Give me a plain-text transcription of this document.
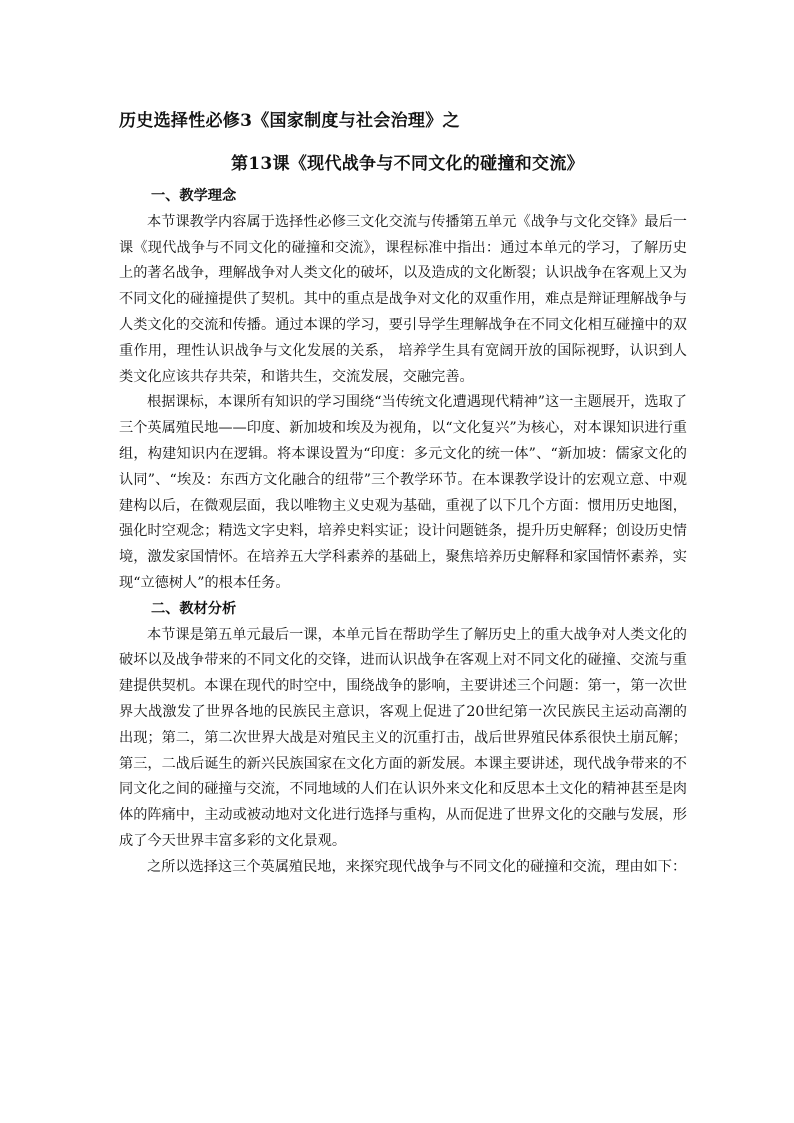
历史选择性必修3《国家制度与社会治理》之
第13课《现代战争与不同文化的碰撞和交流》

一、教学理念

本节课教学内容属于选择性必修三文化交流与传播第五单元《战争与文化交锋》最后一课《现代战争与不同文化的碰撞和交流》，课程标准中指出：通过本单元的学习，了解历史上的著名战争，理解战争对人类文化的破坏，以及造成的文化断裂；认识战争在客观上又为不同文化的碰撞提供了契机。其中的重点是战争对文化的双重作用，难点是辩证理解战争与人类文化的交流和传播。通过本课的学习，要引导学生理解战争在不同文化相互碰撞中的双重作用，理性认识战争与文化发展的关系， 培养学生具有宽阔开放的国际视野，认识到人类文化应该共存共荣，和谐共生，交流发展，交融完善。

根据课标，本课所有知识的学习围绕“当传统文化遭遇现代精神”这一主题展开，选取了三个英属殖民地——印度、新加坡和埃及为视角，以“文化复兴”为核心，对本课知识进行重组，构建知识内在逻辑。将本课设置为“印度：多元文化的统一体”、“新加坡：儒家文化的认同”、“埃及：东西方文化融合的纽带”三个教学环节。在本课教学设计的宏观立意、中观建构以后，在微观层面，我以唯物主义史观为基础，重视了以下几个方面：惯用历史地图，强化时空观念；精选文字史料，培养史料实证；设计问题链条，提升历史解释；创设历史情境，激发家国情怀。在培养五大学科素养的基础上，聚焦培养历史解释和家国情怀素养，实现“立德树人”的根本任务。

二、教材分析

本节课是第五单元最后一课，本单元旨在帮助学生了解历史上的重大战争对人类文化的破坏以及战争带来的不同文化的交锋，进而认识战争在客观上对不同文化的碰撞、交流与重建提供契机。本课在现代的时空中，围绕战争的影响，主要讲述三个问题：第一，第一次世界大战激发了世界各地的民族民主意识，客观上促进了20世纪第一次民族民主运动高潮的出现；第二，第二次世界大战是对殖民主义的沉重打击，战后世界殖民体系很快土崩瓦解；第三，二战后诞生的新兴民族国家在文化方面的新发展。本课主要讲述，现代战争带来的不同文化之间的碰撞与交流，不同地域的人们在认识外来文化和反思本土文化的精神甚至是肉体的阵痛中，主动或被动地对文化进行选择与重构，从而促进了世界文化的交融与发展，形成了今天世界丰富多彩的文化景观。

之所以选择这三个英属殖民地，来探究现代战争与不同文化的碰撞和交流，理由如下：
